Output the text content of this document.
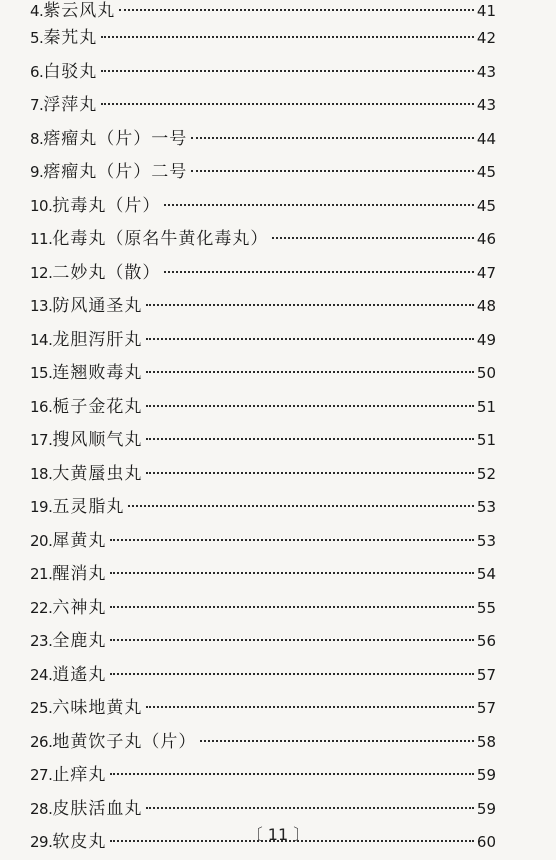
4. 紫云风丸	41
5. 秦艽丸	42
6. 白驳丸	43
7. 浮萍丸	43
8. 瘩瘤丸（片）一号	44
9. 瘩瘤丸（片）二号	45
10. 抗毒丸（片）	45
11. 化毒丸（原名牛黄化毒丸）	46
12. 二妙丸（散）	47
13. 防风通圣丸	48
14. 龙胆泻肝丸	49
15. 连翘败毒丸	50
16. 栀子金花丸	51
17. 搜风顺气丸	51
18. 大黄蜃虫丸	52
19. 五灵脂丸	53
20. 犀黄丸	53
21. 醒消丸	54
22. 六神丸	55
23. 全鹿丸	56
24. 逍遙丸	57
25. 六味地黄丸	57
26. 地黄饮子丸（片）	58
27. 止痒丸	59
28. 皮肤活血丸	59
29. 软皮丸	60
〔 11 〕
